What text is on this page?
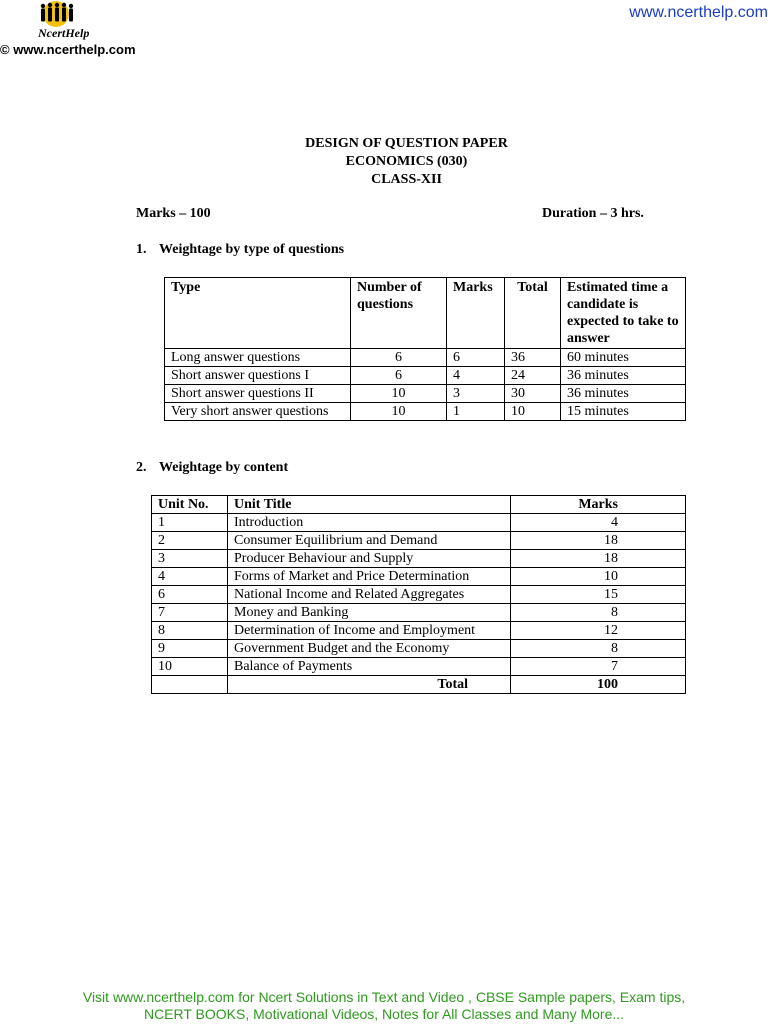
NcertHelp
© www.ncerthelp.com
www.ncerthelp.com
DESIGN OF QUESTION PAPER
ECONOMICS (030)
CLASS-XII
Marks – 100	Duration – 3 hrs.
1. Weightage by type of questions
Type	Number of questions	Marks	Total	Estimated time a candidate is expected to take to answer
Long answer questions	6	6	36	60 minutes
Short answer questions I	6	4	24	36 minutes
Short answer questions II	10	3	30	36 minutes
Very short answer questions	10	1	10	15 minutes
2. Weightage by content
Unit No.	Unit Title	Marks
1	Introduction	4
2	Consumer Equilibrium and Demand	18
3	Producer Behaviour and Supply	18
4	Forms of Market and Price Determination	10
6	National Income and Related Aggregates	15
7	Money and Banking	8
8	Determination of Income and Employment	12
9	Government Budget and the Economy	8
10	Balance of Payments	7
	Total	100
Visit www.ncerthelp.com for Ncert Solutions in Text and Video , CBSE Sample papers, Exam tips,
NCERT BOOKS, Motivational Videos, Notes for All Classes and Many More...
